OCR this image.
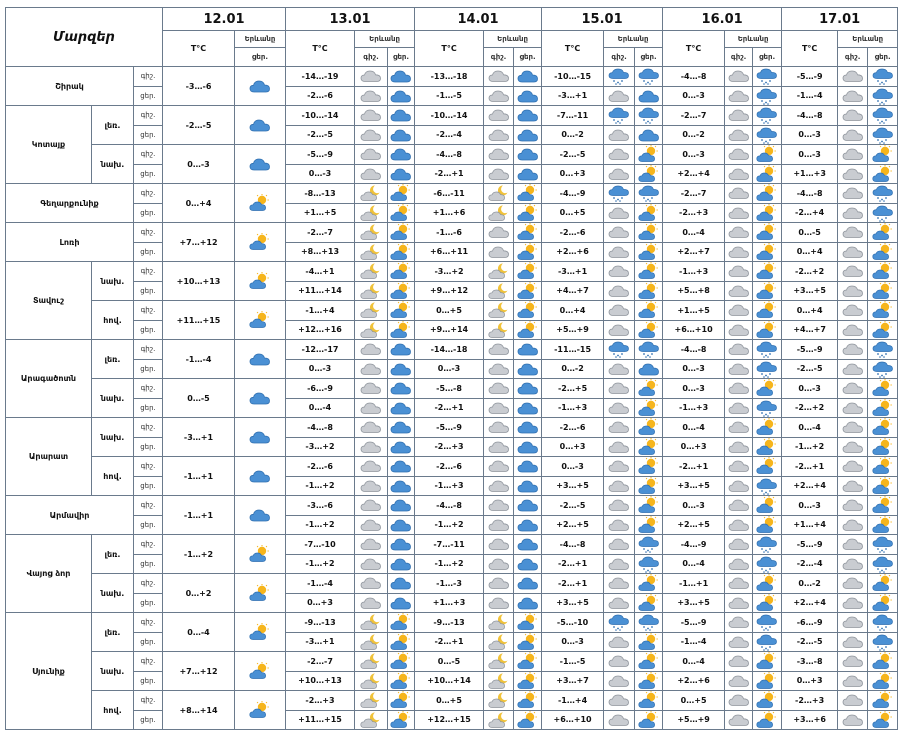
Մարզեր			12.01		13.01			14.01			15.01			16.01			17.01		
			T°C	Երևանը	T°C	Երևանը		T°C	Երևանը		T°C	Երևանը		T°C	Երևանը		T°C	Երևանը	
				ցեր.		գիշ.	ցեր.		գիշ.	ցեր.		գիշ.	ցեր.		գիշ.	ցեր.		գիշ.	ցեր.
Շիրակ		գիշ.	-3…-6		-14…-19			-13…-18			-10…-15			-4…-8			-5…-9		
		ցեր.			-2…-6			-1…-5			-3…+1			0…-3			-1…-4		
Կոտայք	լեռ.	գիշ.	-2…-5		-10…-14			-10…-14			-7…-11			-2…-7			-4…-8		
		ցեր.			-2…-5			-2…-4			0…-2			0…-2			0…-3		
	նախ.	գիշ.	0…-3		-5…-9			-4…-8			-2…-5			0…-3			0…-3		
		ցեր.			0…-3			-2…+1			0…+3			+2…+4			+1…+3		
Գեղարքունիք		գիշ.	0…+4		-8…-13			-6…-11			-4…-9			-2…-7			-4…-8		
		ցեր.			+1…+5			+1…+6			0…+5			-2…+3			-2…+4		
Լոռի		գիշ.	+7…+12		-2…-7			-1…-6			-2…-6			0…-4			0…-5		
		ցեր.			+8…+13			+6…+11			+2…+6			+2…+7			0…+4		
Տավուշ	նախ.	գիշ.	+10…+13		-4…+1			-3…+2			-3…+1			-1…+3			-2…+2		
		ցեր.			+11…+14			+9…+12			+4…+7			+5…+8			+3…+5		
	հով.	գիշ.	+11…+15		-1…+4			0…+5			0…+4			+1…+5			0…+4		
		ցեր.			+12…+16			+9…+14			+5…+9			+6…+10			+4…+7		
Արագածոտն	լեռ.	գիշ.	-1…-4		-12…-17			-14…-18			-11…-15			-4…-8			-5…-9		
		ցեր.			0…-3			0…-3			0…-2			0…-3			-2…-5		
	նախ.	գիշ.	0…-5		-6…-9			-5…-8			-2…+5			0…-3			0…-3		
		ցեր.			0…-4			-2…+1			-1…+3			-1…+3			-2…+2		
Արարատ	նախ.	գիշ.	-3…+1		-4…-8			-5…-9			-2…-6			0…-4			0…-4		
		ցեր.			-3…+2			-2…+3			0…+3			0…+3			-1…+2		
	հով.	գիշ.	-1…+1		-2…-6			-2…-6			0…-3			-2…+1			-2…+1		
		ցեր.			-1…+2			-1…+3			+3…+5			+3…+5			+2…+4		
Արմավիր		գիշ.	-1…+1		-3…-6			-4…-8			-2…-5			0…-3			0…-3		
		ցեր.			-1…+2			-1…+2			+2…+5			+2…+5			+1…+4		
Վայոց ձոր	լեռ.	գիշ.	-1…+2		-7…-10			-7…-11			-4…-8			-4…-9			-5…-9		
		ցեր.			-1…+2			-1…+2			-2…+1			0…-4			-2…-4		
	նախ.	գիշ.	0…+2		-1…-4			-1…-3			-2…+1			-1…+1			0…-2		
		ցեր.			0…+3			+1…+3			+3…+5			+3…+5			+2…+4		
Սյունիք	լեռ.	գիշ.	0…-4		-9…-13			-9…-13			-5…-10			-5…-9			-6…-9		
		ցեր.			-3…+1			-2…+1			0…-3			-1…-4			-2…-5		
	նախ.	գիշ.	+7…+12		-2…-7			0…-5			-1…-5			0…-4			-3…-8		
		ցեր.			+10…+13			+10…+14			+3…+7			+2…+6			0…+3		
	հով.	գիշ.	+8…+14		-2…+3			0…+5			-1…+4			0…+5			-2…+3		
		ցեր.			+11…+15			+12…+15			+6…+10			+5…+9			+3…+6		
